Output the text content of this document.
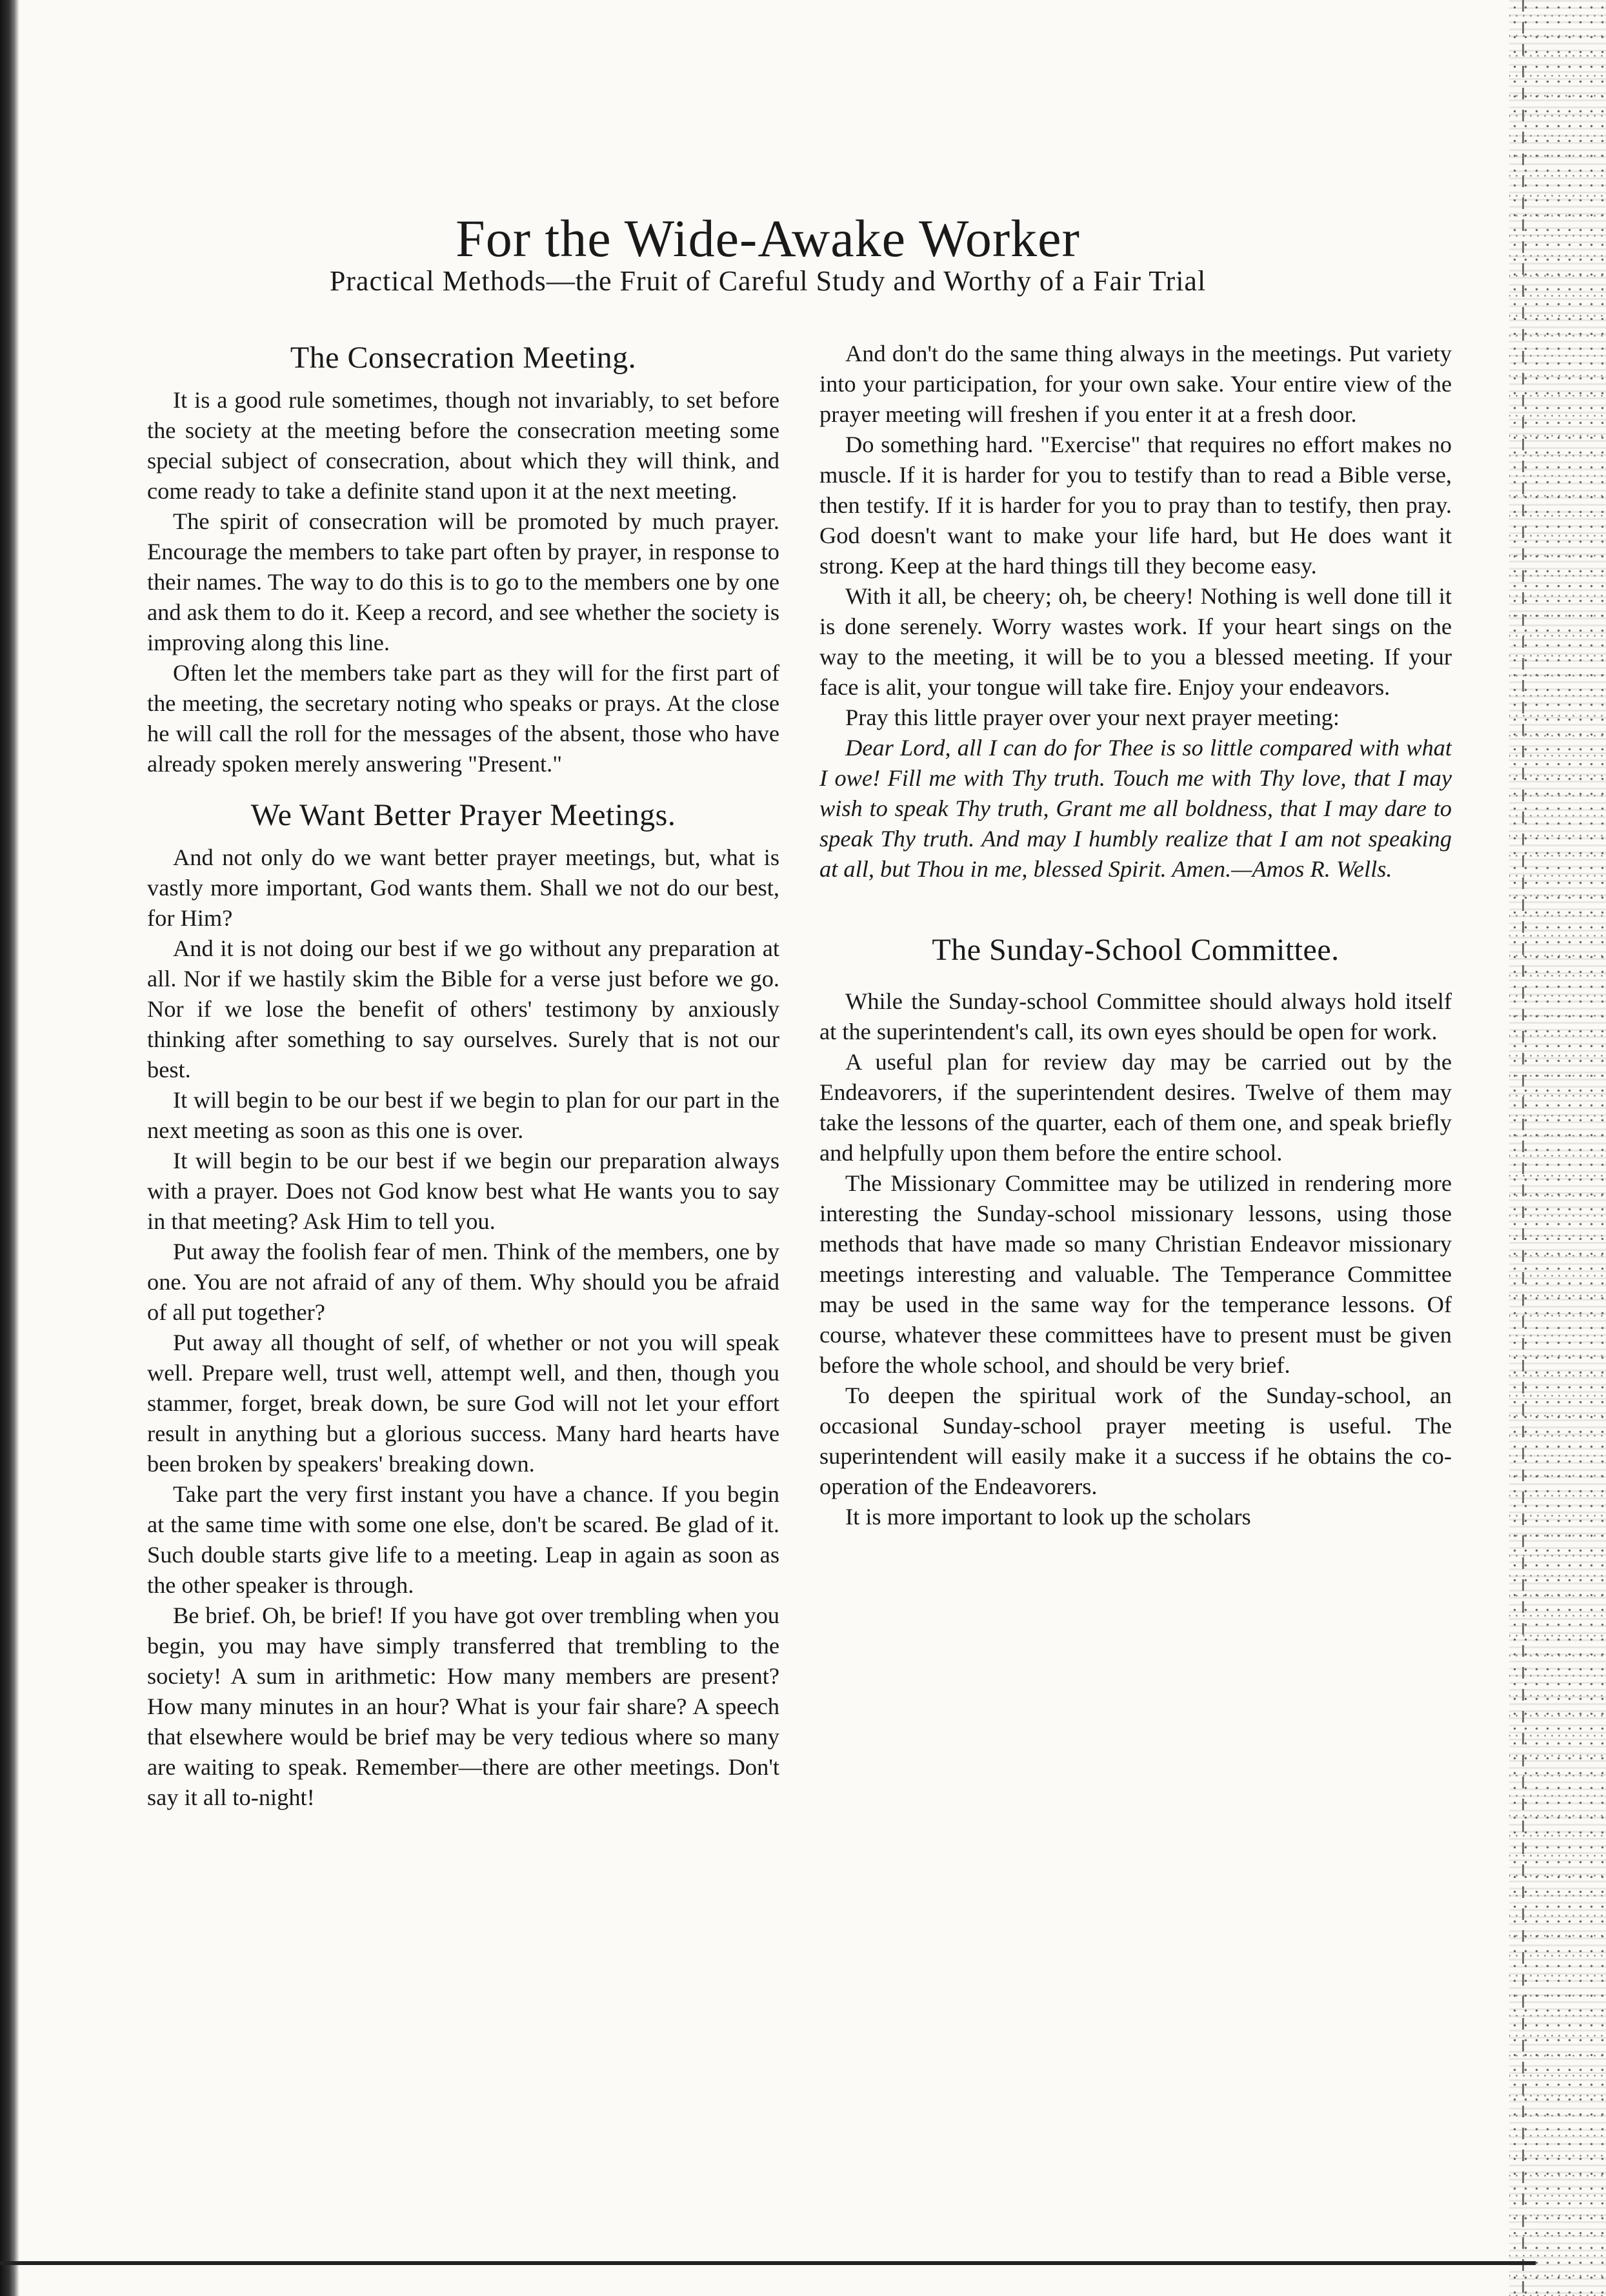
For the Wide-Awake Worker
Practical Methods—the Fruit of Careful Study and Worthy of a Fair Trial
The Consecration Meeting.

It is a good rule sometimes, though not invariably, to set before the society at the meeting before the consecration meeting some special subject of consecration, about which they will think, and come ready to take a definite stand upon it at the next meeting.

The spirit of consecration will be promoted by much prayer. Encourage the members to take part often by prayer, in response to their names. The way to do this is to go to the members one by one and ask them to do it. Keep a record, and see whether the society is improving along this line.

Often let the members take part as they will for the first part of the meeting, the secretary noting who speaks or prays. At the close he will call the roll for the messages of the absent, those who have already spoken merely answering "Present."

We Want Better Prayer Meetings.

And not only do we want better prayer meetings, but, what is vastly more important, God wants them. Shall we not do our best, for Him?

And it is not doing our best if we go without any preparation at all. Nor if we hastily skim the Bible for a verse just before we go. Nor if we lose the benefit of others' testimony by anxiously thinking after something to say ourselves. Surely that is not our best.

It will begin to be our best if we begin to plan for our part in the next meeting as soon as this one is over.

It will begin to be our best if we begin our preparation always with a prayer. Does not God know best what He wants you to say in that meeting? Ask Him to tell you.

Put away the foolish fear of men. Think of the members, one by one. You are not afraid of any of them. Why should you be afraid of all put together?

Put away all thought of self, of whether or not you will speak well. Prepare well, trust well, attempt well, and then, though you stammer, forget, break down, be sure God will not let your effort result in anything but a glorious success. Many hard hearts have been broken by speakers' breaking down.

Take part the very first instant you have a chance. If you begin at the same time with some one else, don't be scared. Be glad of it. Such double starts give life to a meeting. Leap in again as soon as the other speaker is through.

Be brief. Oh, be brief! If you have got over trembling when you begin, you may have simply transferred that trembling to the society! A sum in arithmetic: How many members are present? How many minutes in an hour? What is your fair share? A speech that elsewhere would be brief may be very tedious where so many are waiting to speak. Remember—there are other meetings. Don't say it all to-night!

And don't do the same thing always in the meetings. Put variety into your participation, for your own sake. Your entire view of the prayer meeting will freshen if you enter it at a fresh door.

Do something hard. "Exercise" that requires no effort makes no muscle. If it is harder for you to testify than to read a Bible verse, then testify. If it is harder for you to pray than to testify, then pray. God doesn't want to make your life hard, but He does want it strong. Keep at the hard things till they become easy.

With it all, be cheery; oh, be cheery! Nothing is well done till it is done serenely. Worry wastes work. If your heart sings on the way to the meeting, it will be to you a blessed meeting. If your face is alit, your tongue will take fire. Enjoy your endeavors.

Pray this little prayer over your next prayer meeting:

Dear Lord, all I can do for Thee is so little compared with what I owe! Fill me with Thy truth. Touch me with Thy love, that I may wish to speak Thy truth, Grant me all boldness, that I may dare to speak Thy truth. And may I humbly realize that I am not speaking at all, but Thou in me, blessed Spirit. Amen.—Amos R. Wells.

The Sunday-School Committee.

While the Sunday-school Committee should always hold itself at the superintendent's call, its own eyes should be open for work.

A useful plan for review day may be carried out by the Endeavorers, if the superintendent desires. Twelve of them may take the lessons of the quarter, each of them one, and speak briefly and helpfully upon them before the entire school.

The Missionary Committee may be utilized in rendering more interesting the Sunday-school missionary lessons, using those methods that have made so many Christian Endeavor missionary meetings interesting and valuable. The Temperance Committee may be used in the same way for the temperance lessons. Of course, whatever these committees have to present must be given before the whole school, and should be very brief.

To deepen the spiritual work of the Sunday-school, an occasional Sunday-school prayer meeting is useful. The superintendent will easily make it a success if he obtains the co-operation of the Endeavorers.

It is more important to look up the scholars
